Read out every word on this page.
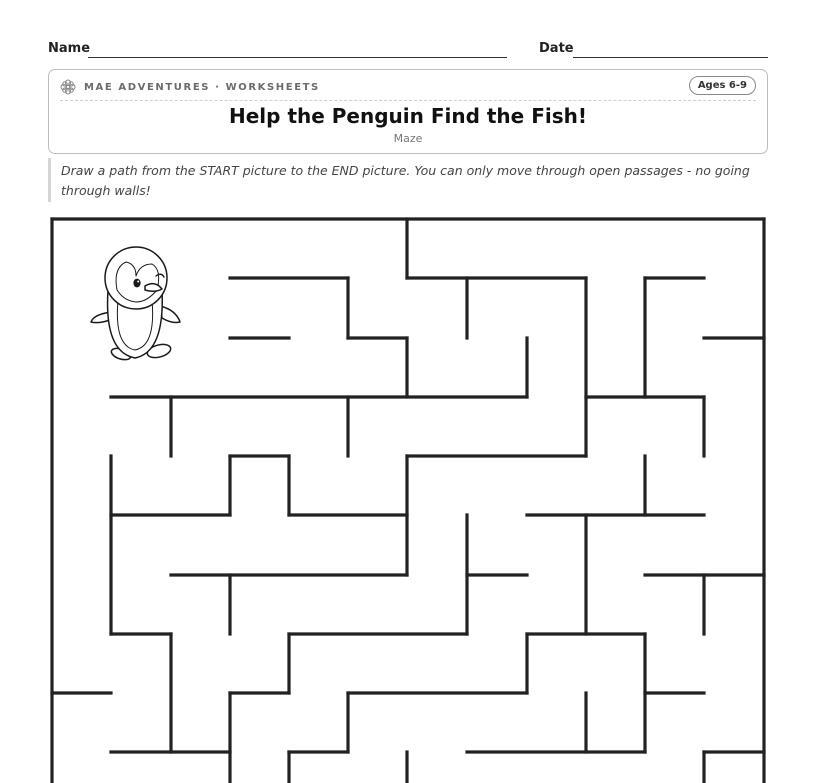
Name	Date
MAE ADVENTURES · WORKSHEETS	Ages 6-9
Help the Penguin Find the Fish!
Maze
Draw a path from the START picture to the END picture. You can only move through open passages - no going through walls!
